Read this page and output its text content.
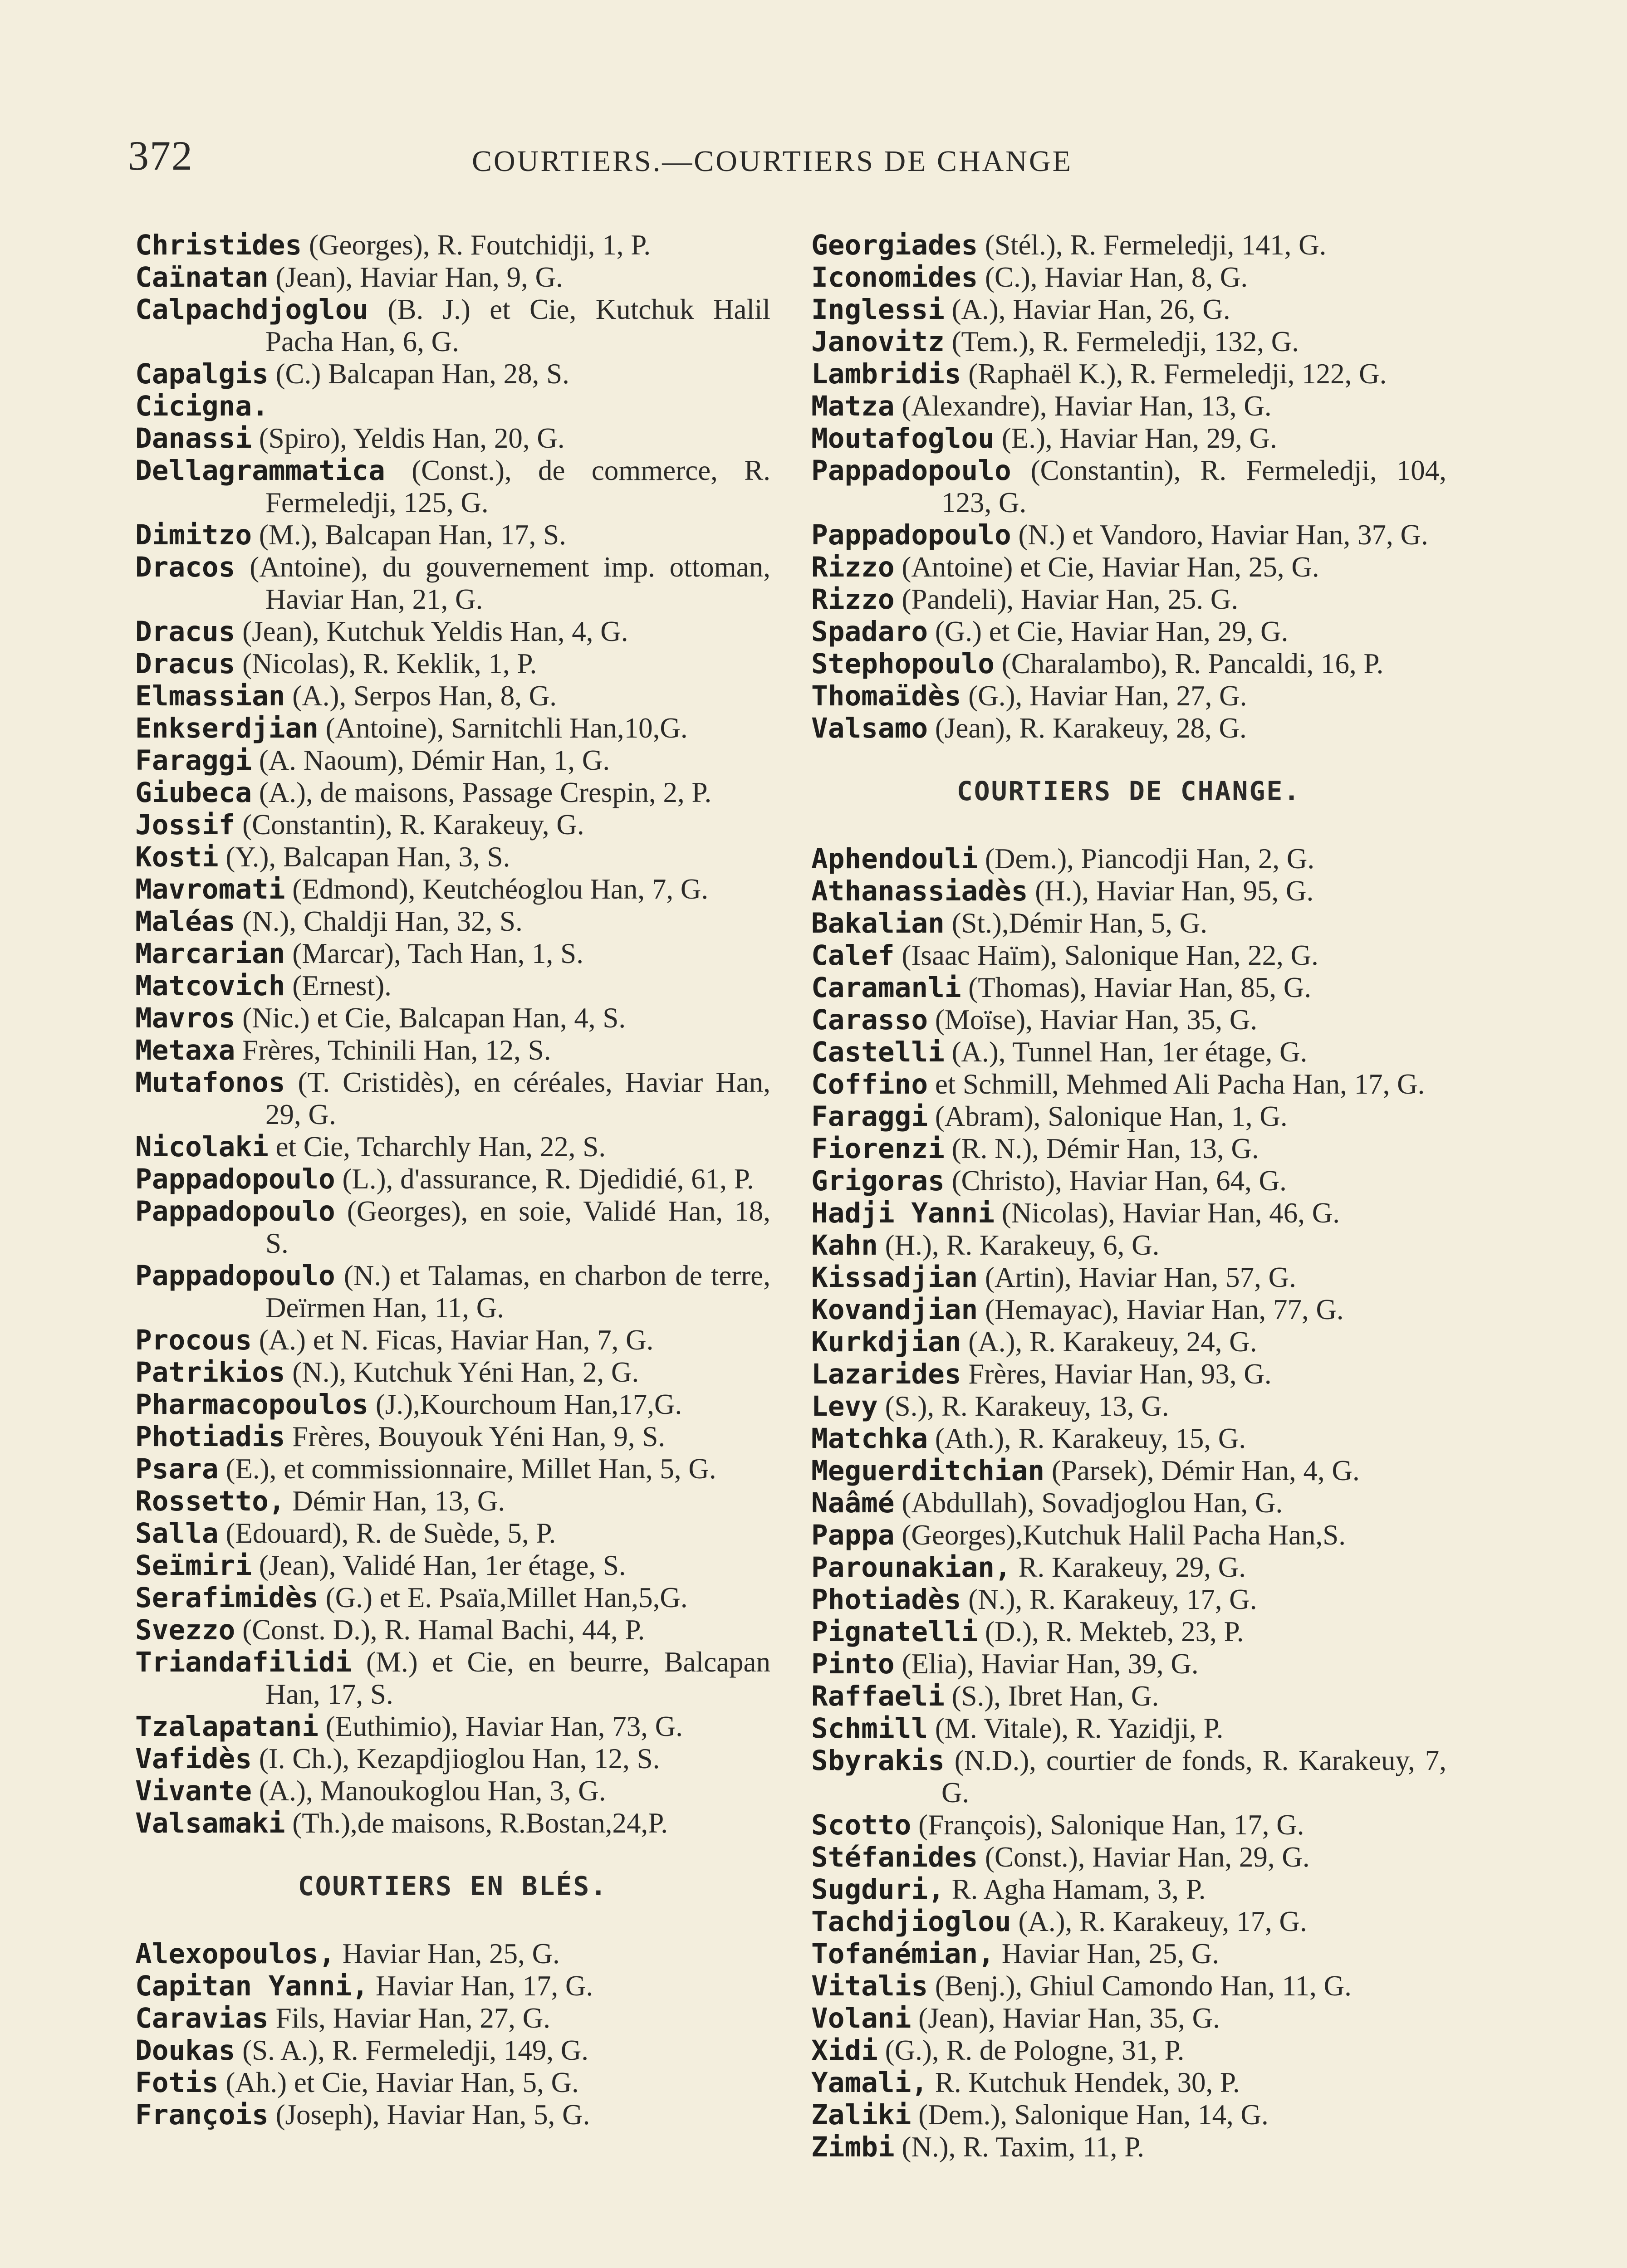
372	COURTIERS.—COURTIERS DE CHANGE
Christides (Georges), R. Foutchidji, 1, P.
Caïnatan (Jean), Haviar Han, 9, G.
Calpachdjoglou (B. J.) et Cie, Kutchuk Halil Pacha Han, 6, G.
Capalgis (C.) Balcapan Han, 28, S.
Cicigna.
Danassi (Spiro), Yeldis Han, 20, G.
Dellagrammatica (Const.), de commerce, R. Fermeledji, 125, G.
Dimitzo (M.), Balcapan Han, 17, S.
Dracos (Antoine), du gouvernement imp. ottoman, Haviar Han, 21, G.
Dracus (Jean), Kutchuk Yeldis Han, 4, G.
Dracus (Nicolas), R. Keklik, 1, P.
Elmassian (A.), Serpos Han, 8, G.
Enkserdjian (Antoine), Sarnitchli Han,10,G.
Faraggi (A. Naoum), Démir Han, 1, G.
Giubeca (A.), de maisons, Passage Crespin, 2, P.
Jossif (Constantin), R. Karakeuy, G.
Kosti (Y.), Balcapan Han, 3, S.
Mavromati (Edmond), Keutchéoglou Han, 7, G.
Maléas (N.), Chaldji Han, 32, S.
Marcarian (Marcar), Tach Han, 1, S.
Matcovich (Ernest).
Mavros (Nic.) et Cie, Balcapan Han, 4, S.
Metaxa Frères, Tchinili Han, 12, S.
Mutafonos (T. Cristidès), en céréales, Haviar Han, 29, G.
Nicolaki et Cie, Tcharchly Han, 22, S.
Pappadopoulo (L.), d'assurance, R. Djedidié, 61, P.
Pappadopoulo (Georges), en soie, Validé Han, 18, S.
Pappadopoulo (N.) et Talamas, en charbon de terre, Deïrmen Han, 11, G.
Procous (A.) et N. Ficas, Haviar Han, 7, G.
Patrikios (N.), Kutchuk Yéni Han, 2, G.
Pharmacopoulos (J.),Kourchoum Han,17,G.
Photiadis Frères, Bouyouk Yéni Han, 9, S.
Psara (E.), et commissionnaire, Millet Han, 5, G.
Rossetto, Démir Han, 13, G.
Salla (Edouard), R. de Suède, 5, P.
Seïmiri (Jean), Validé Han, 1er étage, S.
Serafimidès (G.) et E. Psaïa,Millet Han,5,G.
Svezzo (Const. D.), R. Hamal Bachi, 44, P.
Triandafilidi (M.) et Cie, en beurre, Balcapan Han, 17, S.
Tzalapatani (Euthimio), Haviar Han, 73, G.
Vafidès (I. Ch.), Kezapdjioglou Han, 12, S.
Vivante (A.), Manoukoglou Han, 3, G.
Valsamaki (Th.),de maisons, R.Bostan,24,P.
COURTIERS EN BLÉS.
Alexopoulos, Haviar Han, 25, G.
Capitan Yanni, Haviar Han, 17, G.
Caravias Fils, Haviar Han, 27, G.
Doukas (S. A.), R. Fermeledji, 149, G.
Fotis (Ah.) et Cie, Haviar Han, 5, G.
François (Joseph), Haviar Han, 5, G.
Georgiades (Stél.), R. Fermeledji, 141, G.
Iconomides (C.), Haviar Han, 8, G.
Inglessi (A.), Haviar Han, 26, G.
Janovitz (Tem.), R. Fermeledji, 132, G.
Lambridis (Raphaël K.), R. Fermeledji, 122, G.
Matza (Alexandre), Haviar Han, 13, G.
Moutafoglou (E.), Haviar Han, 29, G.
Pappadopoulo (Constantin), R. Fermeledji, 104, 123, G.
Pappadopoulo (N.) et Vandoro, Haviar Han, 37, G.
Rizzo (Antoine) et Cie, Haviar Han, 25, G.
Rizzo (Pandeli), Haviar Han, 25. G.
Spadaro (G.) et Cie, Haviar Han, 29, G.
Stephopoulo (Charalambo), R. Pancaldi, 16, P.
Thomaïdès (G.), Haviar Han, 27, G.
Valsamo (Jean), R. Karakeuy, 28, G.
COURTIERS DE CHANGE.
Aphendouli (Dem.), Piancodji Han, 2, G.
Athanassiadès (H.), Haviar Han, 95, G.
Bakalian (St.),Démir Han, 5, G.
Calef (Isaac Haïm), Salonique Han, 22, G.
Caramanli (Thomas), Haviar Han, 85, G.
Carasso (Moïse), Haviar Han, 35, G.
Castelli (A.), Tunnel Han, 1er étage, G.
Coffino et Schmill, Mehmed Ali Pacha Han, 17, G.
Faraggi (Abram), Salonique Han, 1, G.
Fiorenzi (R. N.), Démir Han, 13, G.
Grigoras (Christo), Haviar Han, 64, G.
Hadji Yanni (Nicolas), Haviar Han, 46, G.
Kahn (H.), R. Karakeuy, 6, G.
Kissadjian (Artin), Haviar Han, 57, G.
Kovandjian (Hemayac), Haviar Han, 77, G.
Kurkdjian (A.), R. Karakeuy, 24, G.
Lazarides Frères, Haviar Han, 93, G.
Levy (S.), R. Karakeuy, 13, G.
Matchka (Ath.), R. Karakeuy, 15, G.
Meguerditchian (Parsek), Démir Han, 4, G.
Naâmé (Abdullah), Sovadjoglou Han, G.
Pappa (Georges),Kutchuk Halil Pacha Han,S.
Parounakian, R. Karakeuy, 29, G.
Photiadès (N.), R. Karakeuy, 17, G.
Pignatelli (D.), R. Mekteb, 23, P.
Pinto (Elia), Haviar Han, 39, G.
Raffaeli (S.), Ibret Han, G.
Schmill (M. Vitale), R. Yazidji, P.
Sbyrakis (N.D.), courtier de fonds, R. Karakeuy, 7, G.
Scotto (François), Salonique Han, 17, G.
Stéfanides (Const.), Haviar Han, 29, G.
Sugduri, R. Agha Hamam, 3, P.
Tachdjioglou (A.), R. Karakeuy, 17, G.
Tofanémian, Haviar Han, 25, G.
Vitalis (Benj.), Ghiul Camondo Han, 11, G.
Volani (Jean), Haviar Han, 35, G.
Xidi (G.), R. de Pologne, 31, P.
Yamali, R. Kutchuk Hendek, 30, P.
Zaliki (Dem.), Salonique Han, 14, G.
Zimbi (N.), R. Taxim, 11, P.
